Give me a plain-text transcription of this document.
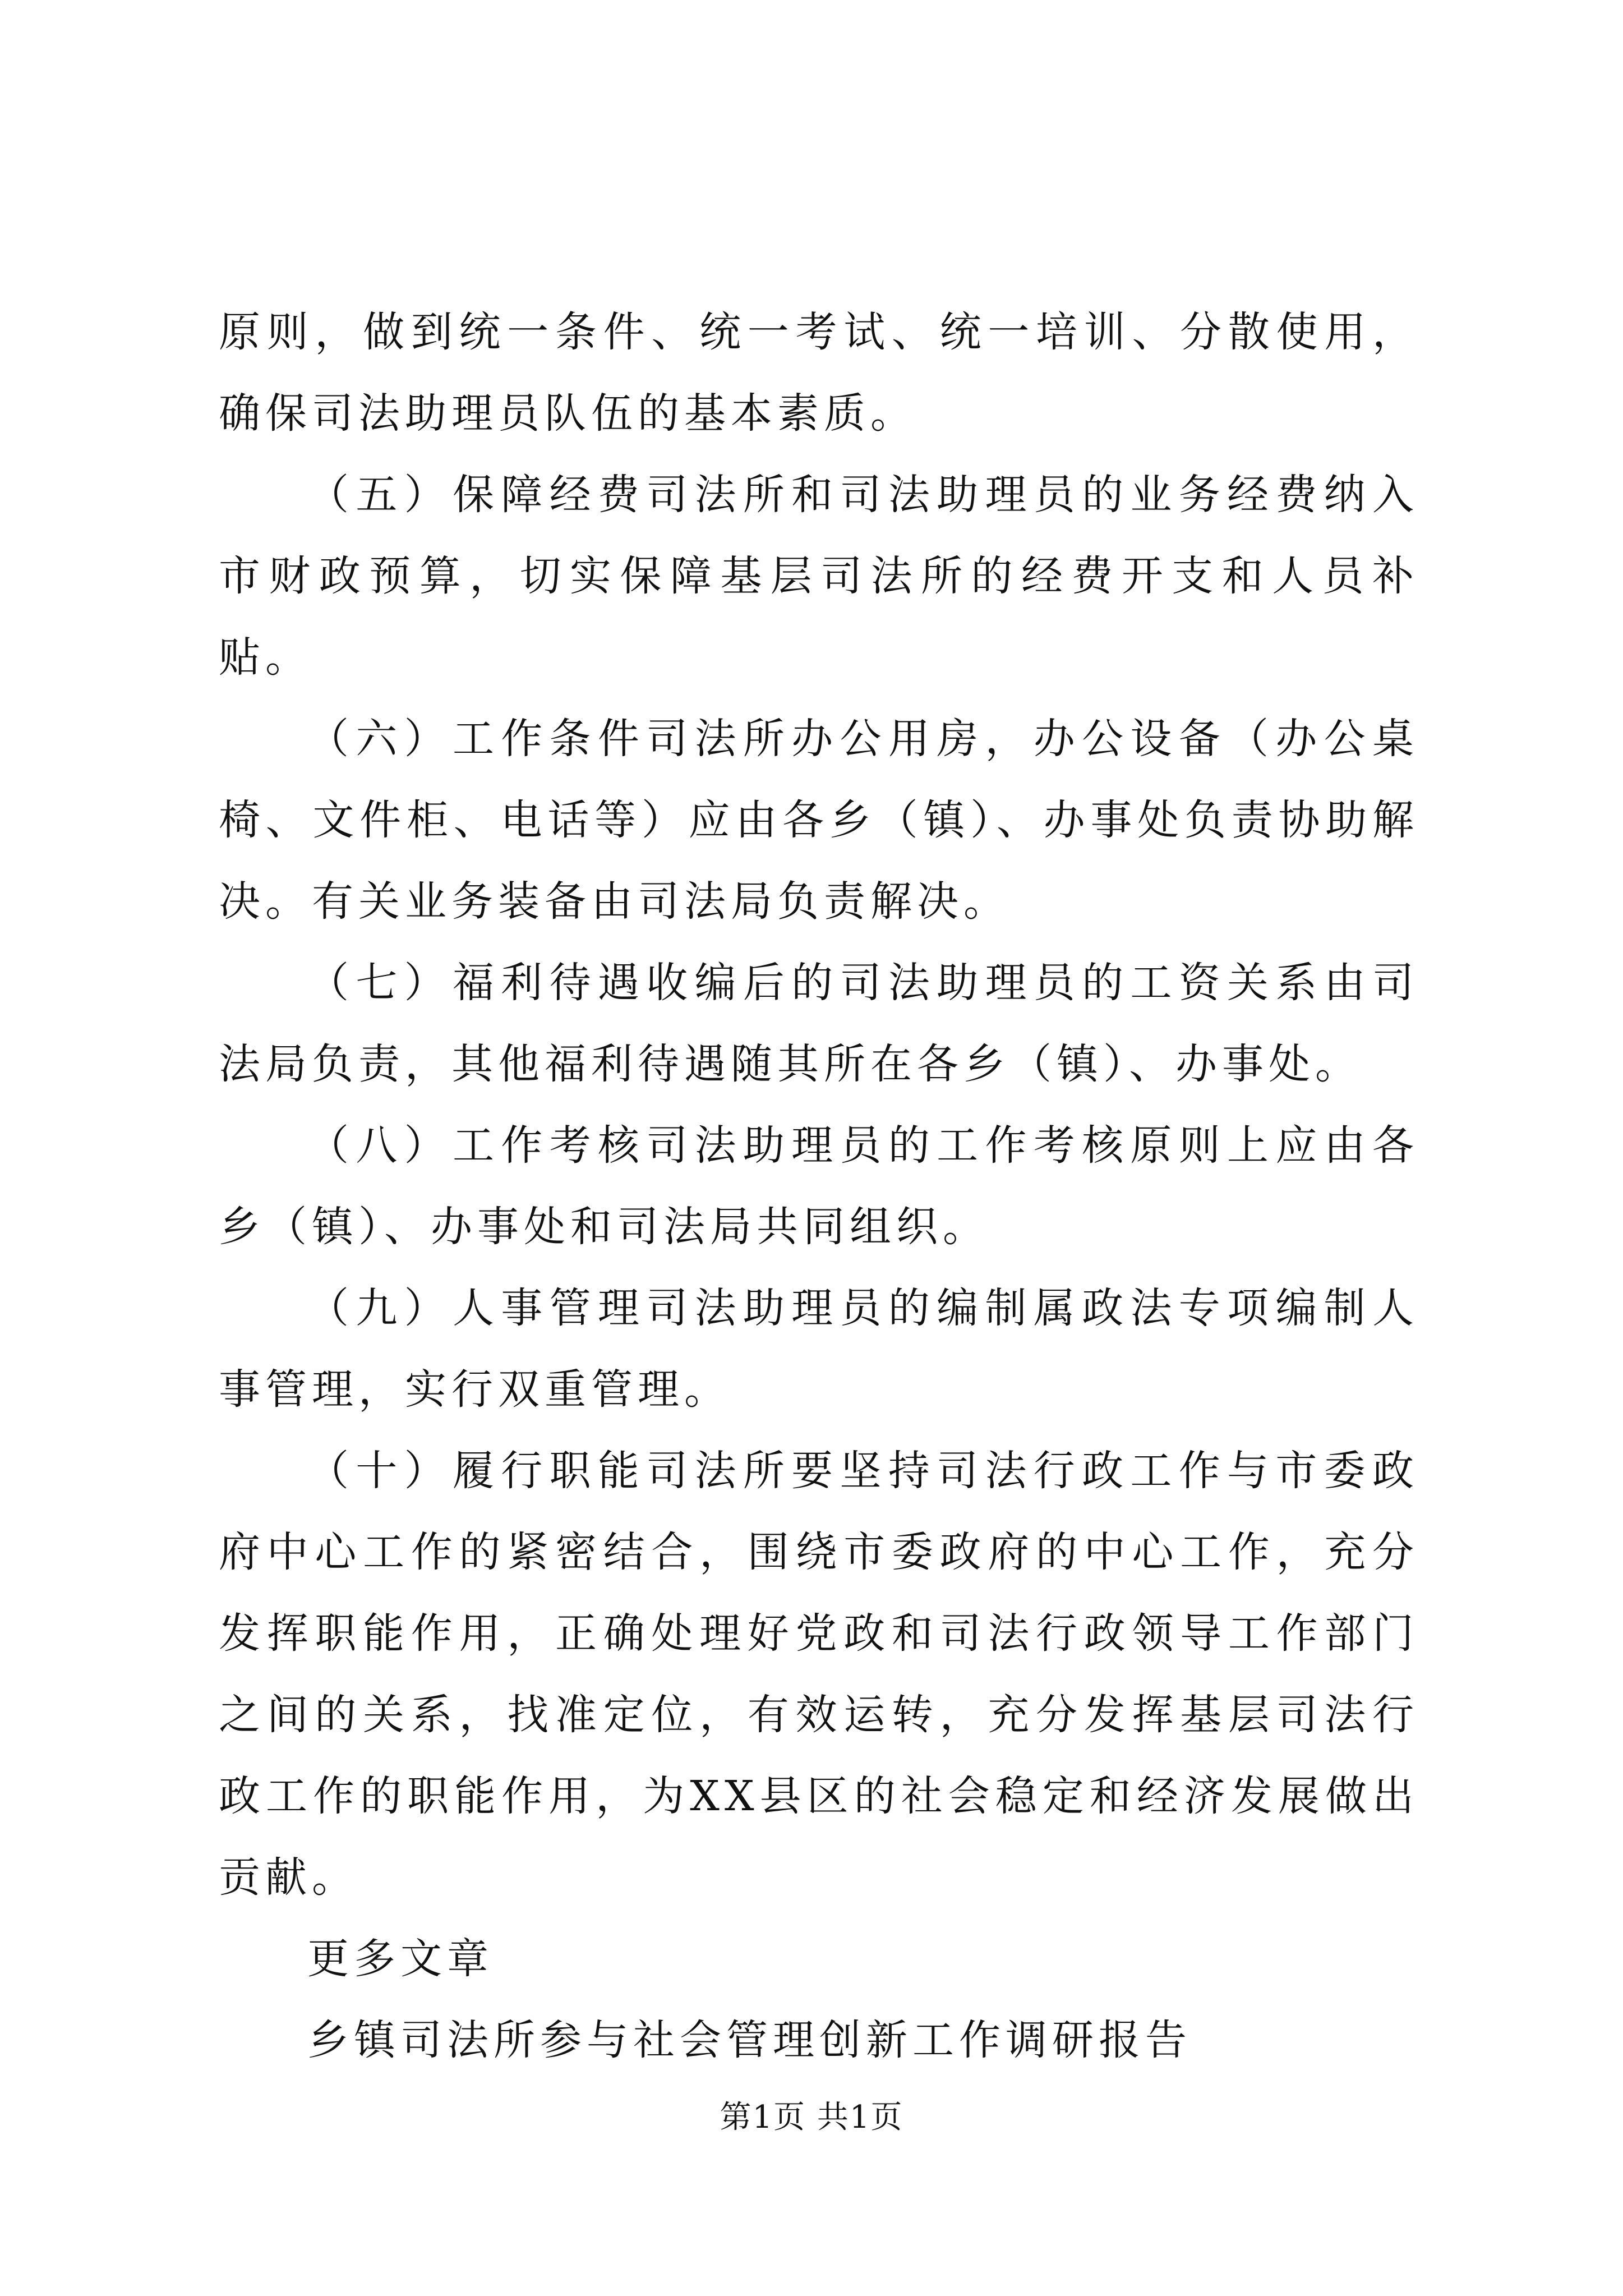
原则，做到统一条件、统一考试、统一培训、分散使用，确保司法助理员队伍的基本素质。

（五）保障经费司法所和司法助理员的业务经费纳入市财政预算，切实保障基层司法所的经费开支和人员补贴。

（六）工作条件司法所办公用房，办公设备（办公桌椅、文件柜、电话等）应由各乡（镇）、办事处负责协助解决。有关业务装备由司法局负责解决。

（七）福利待遇收编后的司法助理员的工资关系由司法局负责，其他福利待遇随其所在各乡（镇）、办事处。

（八）工作考核司法助理员的工作考核原则上应由各乡（镇）、办事处和司法局共同组织。

（九）人事管理司法助理员的编制属政法专项编制人事管理，实行双重管理。

（十）履行职能司法所要坚持司法行政工作与市委政府中心工作的紧密结合，围绕市委政府的中心工作，充分发挥职能作用，正确处理好党政和司法行政领导工作部门之间的关系，找准定位，有效运转，充分发挥基层司法行政工作的职能作用，为XX县区的社会稳定和经济发展做出贡献。

更多文章

乡镇司法所参与社会管理创新工作调研报告

第1页 共1页
